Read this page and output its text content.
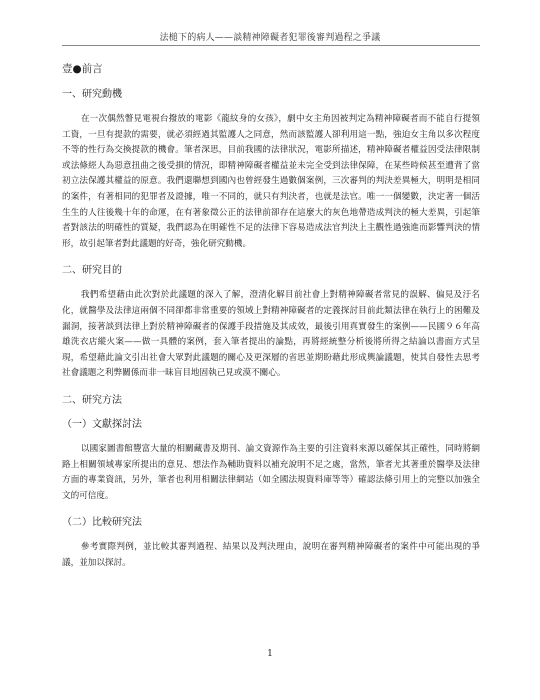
法槌下的病人——談精神障礙者犯罪後審判過程之爭議
壹●前言
一、研究動機

在一次偶然瞥見電視台撥放的電影《龍紋身的女孩》，劇中女主角因被判定為精神障礙者而不能自行提領工資，一旦有提款的需要，就必須經過其監護人之同意，然而該監護人卻利用這一點，強迫女主角以多次程度不等的性行為交換提款的機會。筆者深思，目前我國的法律狀況，電影所描述，精神障礙者權益因受法律限制或法條經人為惡意扭曲之後受損的情況，即精神障礙者權益並未完全受到法律保障，在某些時候甚至遭背了當初立法保護其權益的原意。我們還聯想到國內也曾經發生過數個案例，三次審判的判決差異極大，明明是相同的案件，有著相同的犯罪者及證據，唯一不同的，就只有判決者，也就是法官。唯一一個變數，決定著一個活生生的人往後幾十年的命運，在有著象徵公正的法律前卻存在這麼大的灰色地帶造成判決的極大差異，引起筆者對該法的明確性的質疑，我們認為在明確性不足的法律下容易造成法官判決上主觀性過強進而影響判決的情形，故引起筆者對此議題的好奇，強化研究動機。

二、研究目的

我們希望藉由此次對於此議題的深入了解，澄清化解目前社會上對精神障礙者常見的誤解、偏見及汙名化，就醫學及法律這兩個不同卻都非常重要的領域上對精神障礙者的定義探討目前此類法律在執行上的困難及漏洞，接著談到法律上對於精神障礙者的保護手段措施及其成效，最後引用真實發生的案例——民國９６年高雄洗衣店縱火案——做一具體的案例，套入筆者提出的論點，再將經統整分析後將所得之結論以書面方式呈現，希望藉此論文引出社會大眾對此議題的關心及更深層的省思並期盼藉此形成輿論議題，使其自發性去思考社會議題之利弊關係而非一昧盲目地固執己見或漠不關心。

二、研究方法
（一）文獻探討法

以國家圖書館豐富大量的相關藏書及期刊、論文資源作為主要的引注資料來源以確保其正確性，同時將網路上相關領域專家所提出的意見、想法作為輔助資料以補充說明不足之處，當然，筆者尤其著重於醫學及法律方面的專業資訊，另外，筆者也利用相關法律網站（如全國法規資料庫等等）確認法條引用上的完整以加強全文的可信度。

（二）比較研究法

參考實際判例，並比較其審判過程、結果以及判決理由，說明在審判精神障礙者的案件中可能出現的爭議，並加以探討。

1
